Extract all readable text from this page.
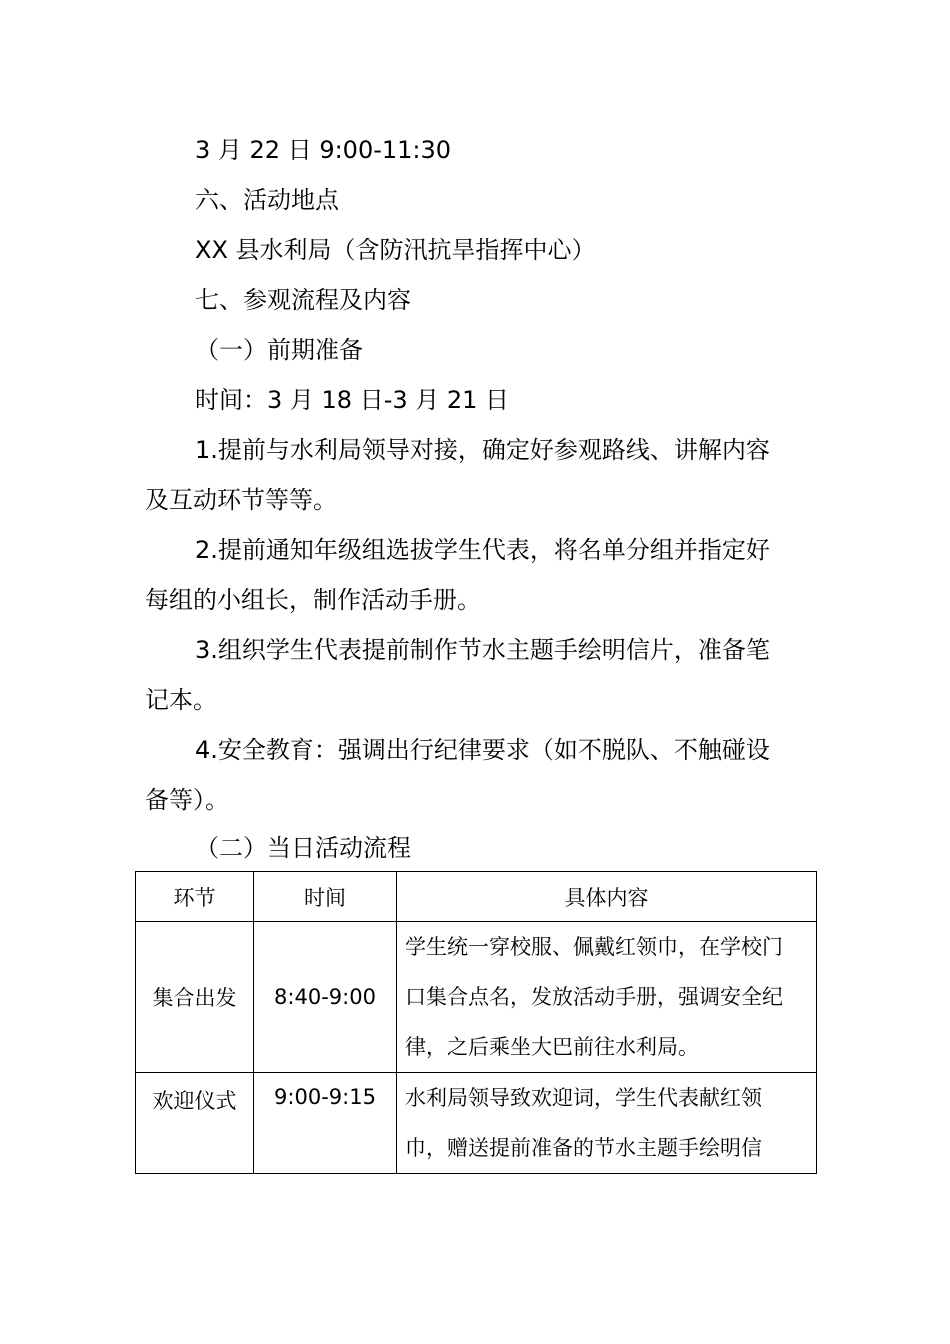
3 月 22 日 9:00-11:30
六、活动地点
XX 县水利局（含防汛抗旱指挥中心）
七、参观流程及内容
（一）前期准备
时间：3 月 18 日-3 月 21 日
1.提前与水利局领导对接，确定好参观路线、讲解内容
及互动环节等等。
2.提前通知年级组选拔学生代表，将名单分组并指定好
每组的小组长，制作活动手册。
3.组织学生代表提前制作节水主题手绘明信片，准备笔
记本。
4.安全教育：强调出行纪律要求（如不脱队、不触碰设
备等）。
（二）当日活动流程
环节	时间	具体内容
集合出发	8:40-9:00	学生统一穿校服、佩戴红领巾，在学校门
口集合点名，发放活动手册，强调安全纪
律，之后乘坐大巴前往水利局。

欢迎仪式	9:00-9:15	水利局领导致欢迎词，学生代表献红领
巾，赠送提前准备的节水主题手绘明信
